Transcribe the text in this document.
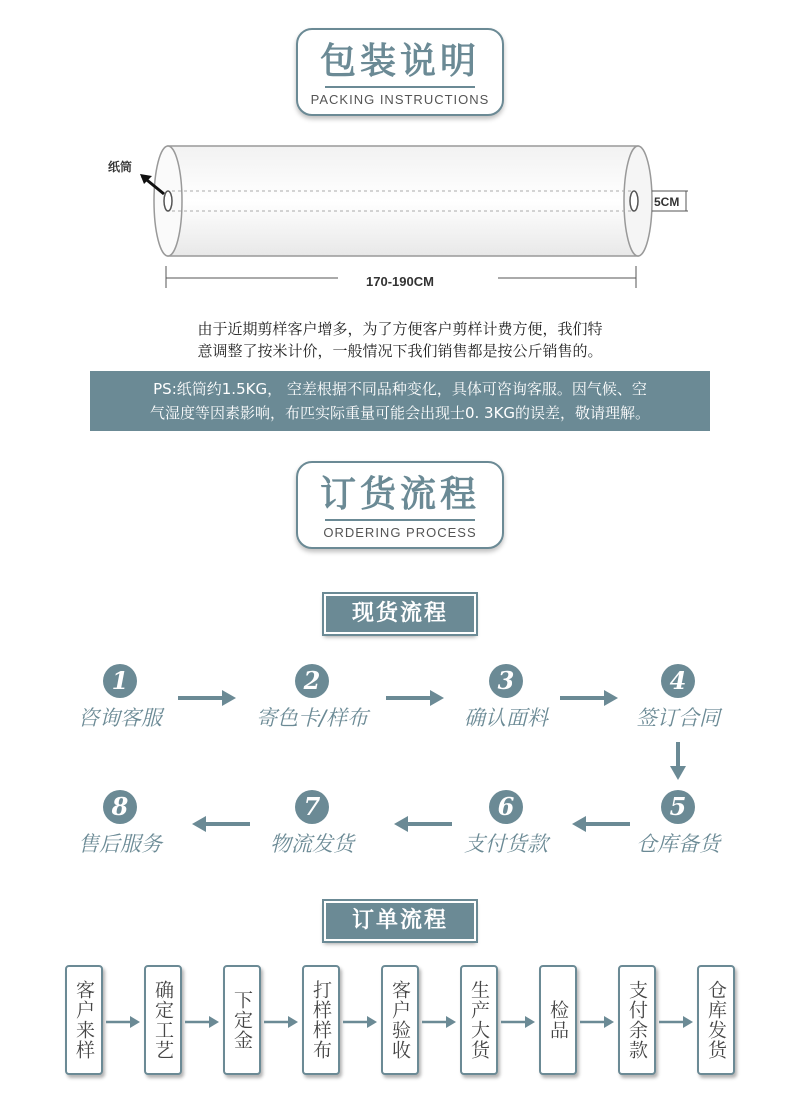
包装说明
PACKING INSTRUCTIONS
纸筒
5CM
170-190CM
由于近期剪样客户增多，为了方便客户剪样计费方便，我们特
意调整了按米计价，一般情况下我们销售都是按公斤销售的。
PS:纸筒约1.5KG， 空差根据不同品种变化，具体可咨询客服。因气候、空
气湿度等因素影响，布匹实际重量可能会出现士0. 3KG的误差，敬请理解。
订货流程
ORDERING PROCESS
现货流程
1
咨询客服
2
寄色卡/样布
3
确认面料
4
签订合同
5
仓库备货
6
支付货款
7
物流发货
8
售后服务
订单流程
客户来样	确定工艺	下定金	打样样布	客户验收	生产大货	检品	支付余款	仓库发货
